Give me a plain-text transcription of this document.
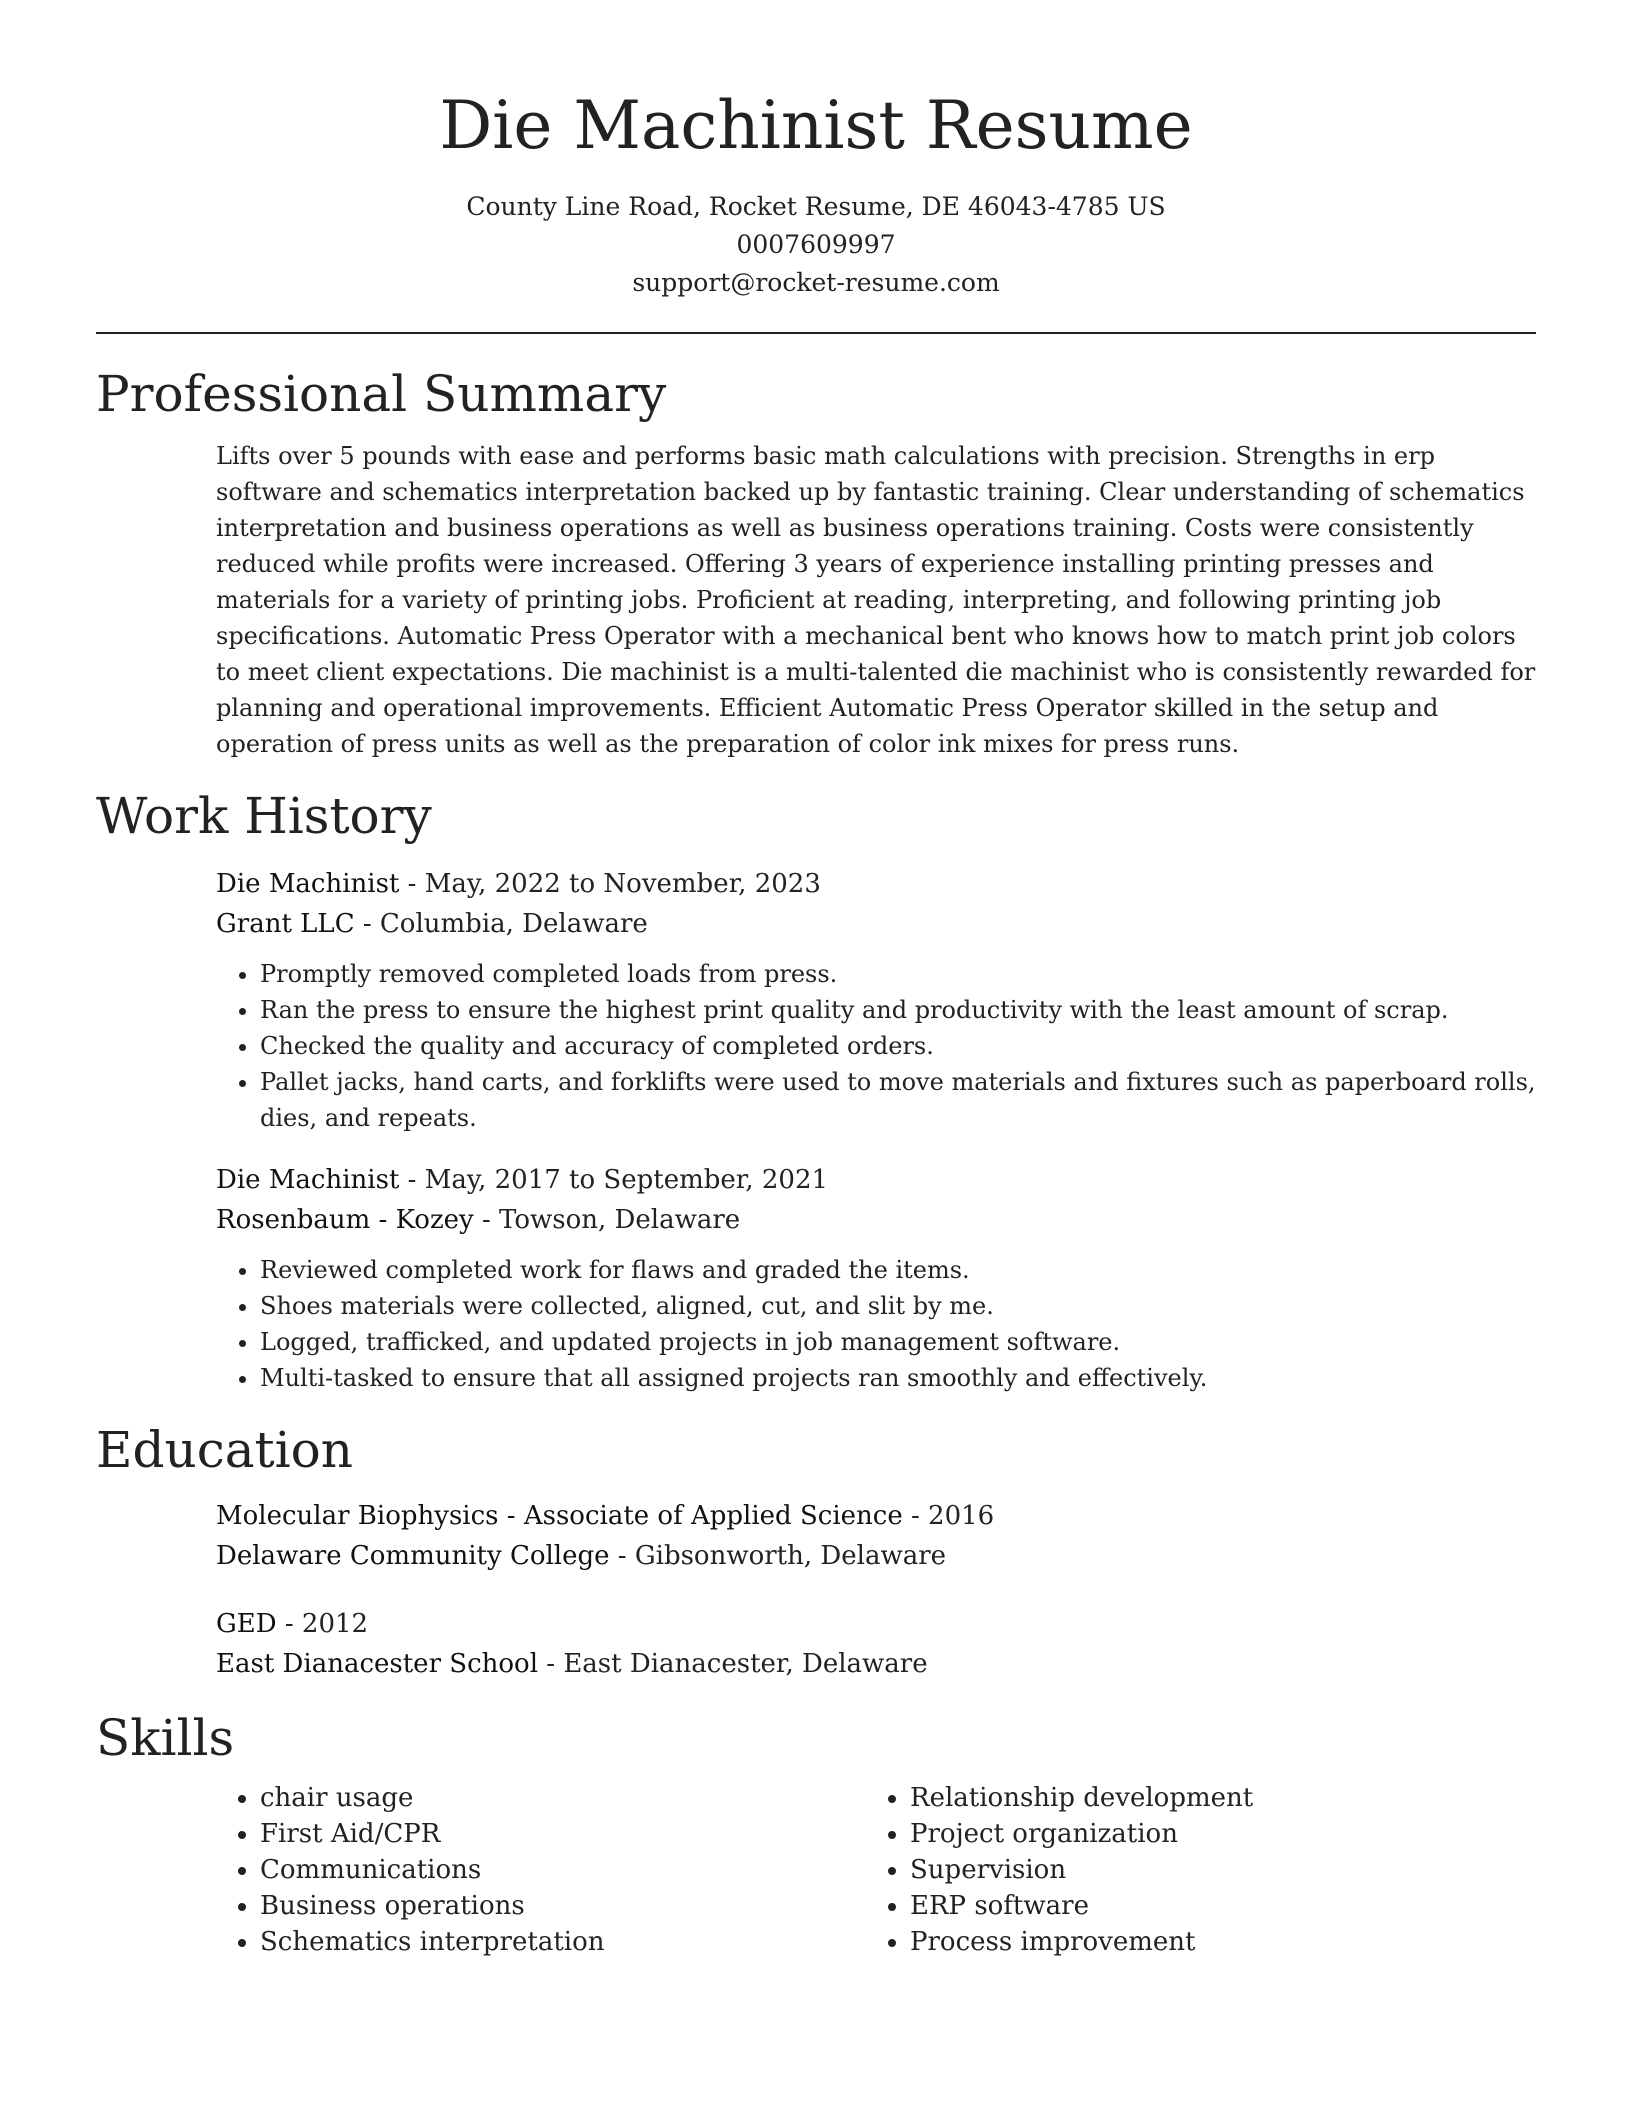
Die Machinist Resume
County Line Road, Rocket Resume, DE 46043-4785 US
0007609997
support@rocket-resume.com
Professional Summary

Lifts over 5 pounds with ease and performs basic math calculations with precision. Strengths in erp software and schematics interpretation backed up by fantastic training. Clear understanding of schematics interpretation and business operations as well as business operations training. Costs were consistently reduced while profits were increased. Offering 3 years of experience installing printing presses and materials for a variety of printing jobs. Proficient at reading, interpreting, and following printing job specifications. Automatic Press Operator with a mechanical bent who knows how to match print job colors to meet client expectations. Die machinist is a multi-talented die machinist who is consistently rewarded for planning and operational improvements. Efficient Automatic Press Operator skilled in the setup and operation of press units as well as the preparation of color ink mixes for press runs.

Work History
Die Machinist - May, 2022 to November, 2023
Grant LLC - Columbia, Delaware
• Promptly removed completed loads from press.
• Ran the press to ensure the highest print quality and productivity with the least amount of scrap.
• Checked the quality and accuracy of completed orders.
• Pallet jacks, hand carts, and forklifts were used to move materials and fixtures such as paperboard rolls, dies, and repeats.
Die Machinist - May, 2017 to September, 2021
Rosenbaum - Kozey - Towson, Delaware
• Reviewed completed work for flaws and graded the items.
• Shoes materials were collected, aligned, cut, and slit by me.
• Logged, trafficked, and updated projects in job management software.
• Multi-tasked to ensure that all assigned projects ran smoothly and effectively.
Education
Molecular Biophysics - Associate of Applied Science - 2016
Delaware Community College - Gibsonworth, Delaware
GED - 2012
East Dianacester School - East Dianacester, Delaware
Skills
• chair usage
• First Aid/CPR
• Communications
• Business operations
• Schematics interpretation
• Relationship development
• Project organization
• Supervision
• ERP software
• Process improvement
